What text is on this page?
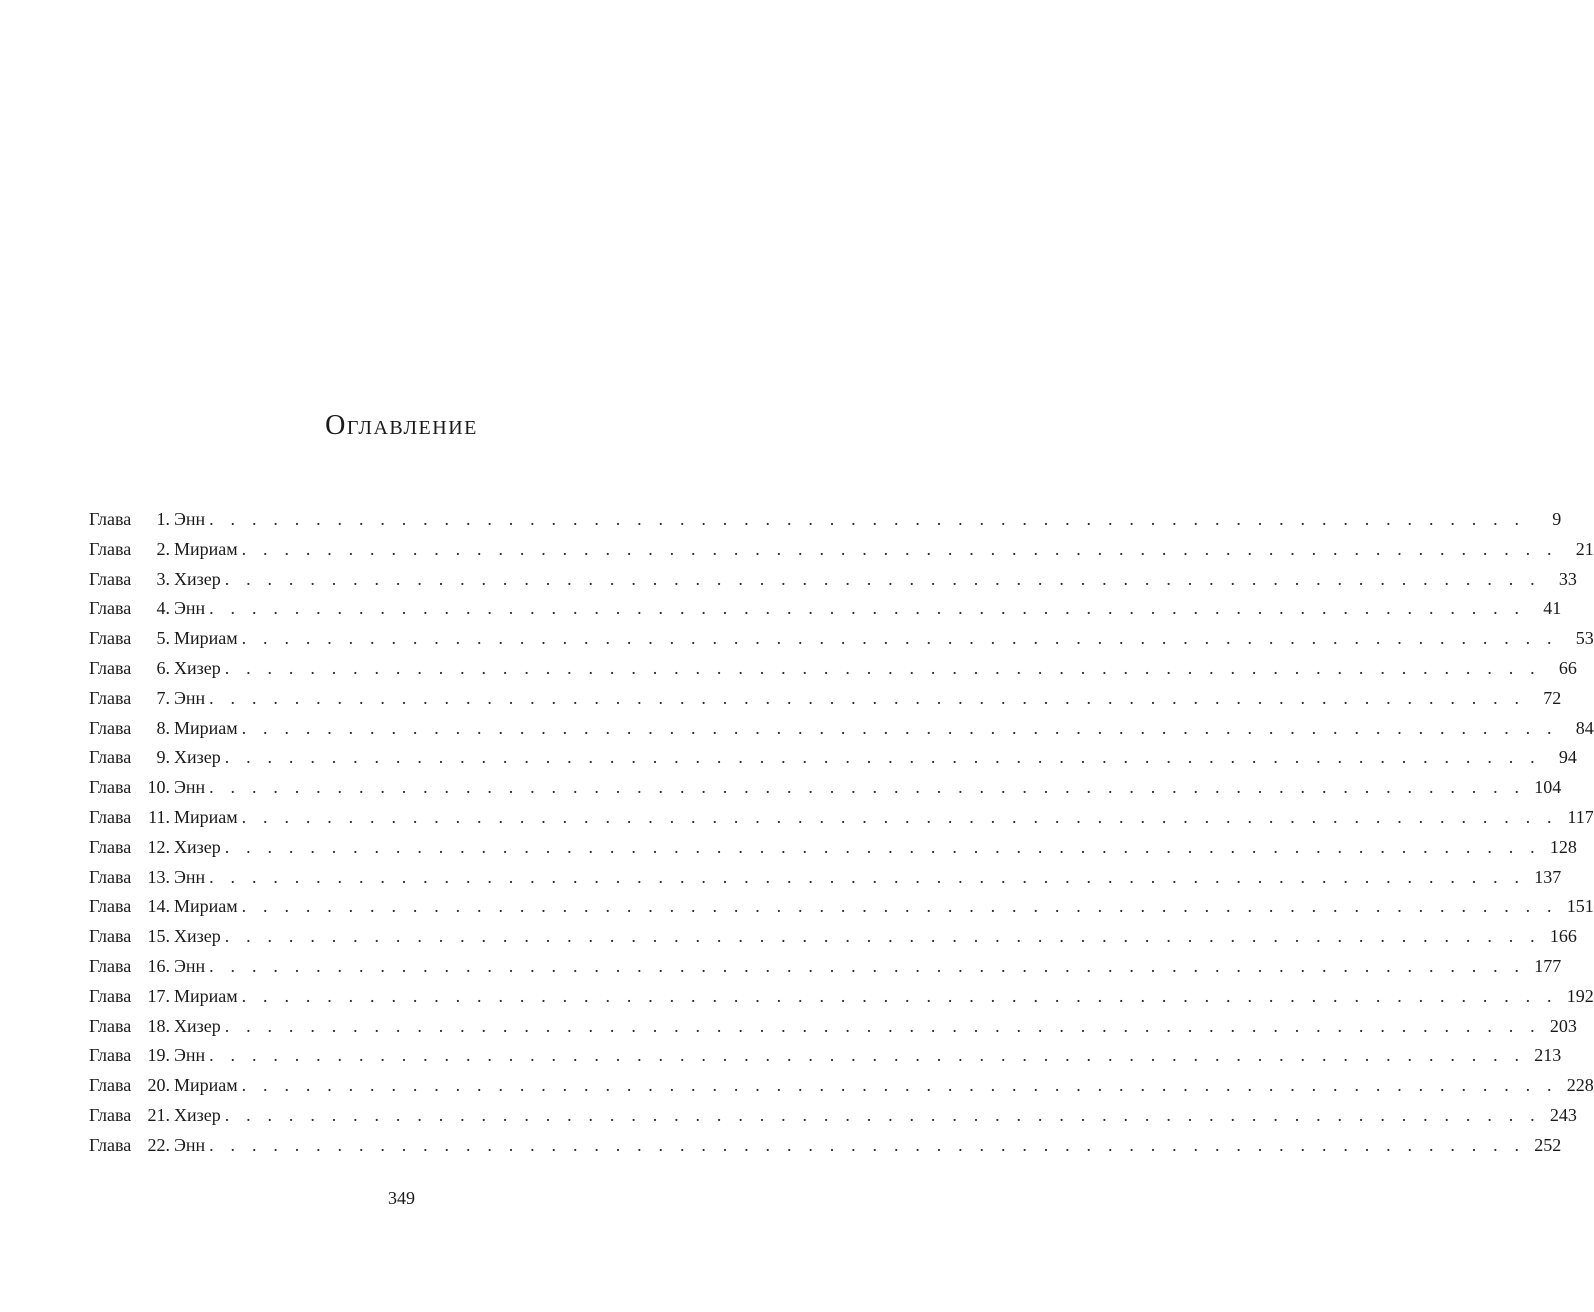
Оглавление
Глава	1. Энн . . . . . . . . . . . . . . . . . . . . . . . . . . . . . . . . . . . . . . . . . . . . . . . . . . . . . . . . . . . . . .	9
Глава	2. Мириам . . . . . . . . . . . . . . . . . . . . . . . . . . . . . . . . . . . . . . . . . . . . . . . . . . . . . . . . . . . . . .	21
Глава	3. Хизер . . . . . . . . . . . . . . . . . . . . . . . . . . . . . . . . . . . . . . . . . . . . . . . . . . . . . . . . . . . . . .	33
Глава	4. Энн . . . . . . . . . . . . . . . . . . . . . . . . . . . . . . . . . . . . . . . . . . . . . . . . . . . . . . . . . . . . . .	41
Глава	5. Мириам . . . . . . . . . . . . . . . . . . . . . . . . . . . . . . . . . . . . . . . . . . . . . . . . . . . . . . . . . . . . . .	53
Глава	6. Хизер . . . . . . . . . . . . . . . . . . . . . . . . . . . . . . . . . . . . . . . . . . . . . . . . . . . . . . . . . . . . . .	66
Глава	7. Энн . . . . . . . . . . . . . . . . . . . . . . . . . . . . . . . . . . . . . . . . . . . . . . . . . . . . . . . . . . . . . .	72
Глава	8. Мириам . . . . . . . . . . . . . . . . . . . . . . . . . . . . . . . . . . . . . . . . . . . . . . . . . . . . . . . . . . . . . .	84
Глава	9. Хизер . . . . . . . . . . . . . . . . . . . . . . . . . . . . . . . . . . . . . . . . . . . . . . . . . . . . . . . . . . . . . .	94
Глава 10. Энн . . . . . . . . . . . . . . . . . . . . . . . . . . . . . . . . . . . . . . . . . . . . . . . . . . . . . . . . . . . . . . 104
Глава 11. Мириам . . . . . . . . . . . . . . . . . . . . . . . . . . . . . . . . . . . . . . . . . . . . . . . . . . . . . . . . . . . . . . 117
Глава 12. Хизер . . . . . . . . . . . . . . . . . . . . . . . . . . . . . . . . . . . . . . . . . . . . . . . . . . . . . . . . . . . . . . 128
Глава 13. Энн . . . . . . . . . . . . . . . . . . . . . . . . . . . . . . . . . . . . . . . . . . . . . . . . . . . . . . . . . . . . . . 137
Глава 14. Мириам . . . . . . . . . . . . . . . . . . . . . . . . . . . . . . . . . . . . . . . . . . . . . . . . . . . . . . . . . . . . . . 151
Глава 15. Хизер . . . . . . . . . . . . . . . . . . . . . . . . . . . . . . . . . . . . . . . . . . . . . . . . . . . . . . . . . . . . . . 166
Глава 16. Энн . . . . . . . . . . . . . . . . . . . . . . . . . . . . . . . . . . . . . . . . . . . . . . . . . . . . . . . . . . . . . . 177
Глава 17. Мириам . . . . . . . . . . . . . . . . . . . . . . . . . . . . . . . . . . . . . . . . . . . . . . . . . . . . . . . . . . . . . . 192
Глава 18. Хизер . . . . . . . . . . . . . . . . . . . . . . . . . . . . . . . . . . . . . . . . . . . . . . . . . . . . . . . . . . . . . . 203
Глава 19. Энн . . . . . . . . . . . . . . . . . . . . . . . . . . . . . . . . . . . . . . . . . . . . . . . . . . . . . . . . . . . . . . 213
Глава 20. Мириам . . . . . . . . . . . . . . . . . . . . . . . . . . . . . . . . . . . . . . . . . . . . . . . . . . . . . . . . . . . . . . 228
Глава 21. Хизер . . . . . . . . . . . . . . . . . . . . . . . . . . . . . . . . . . . . . . . . . . . . . . . . . . . . . . . . . . . . . . 243
Глава 22. Энн . . . . . . . . . . . . . . . . . . . . . . . . . . . . . . . . . . . . . . . . . . . . . . . . . . . . . . . . . . . . . . 252
349
